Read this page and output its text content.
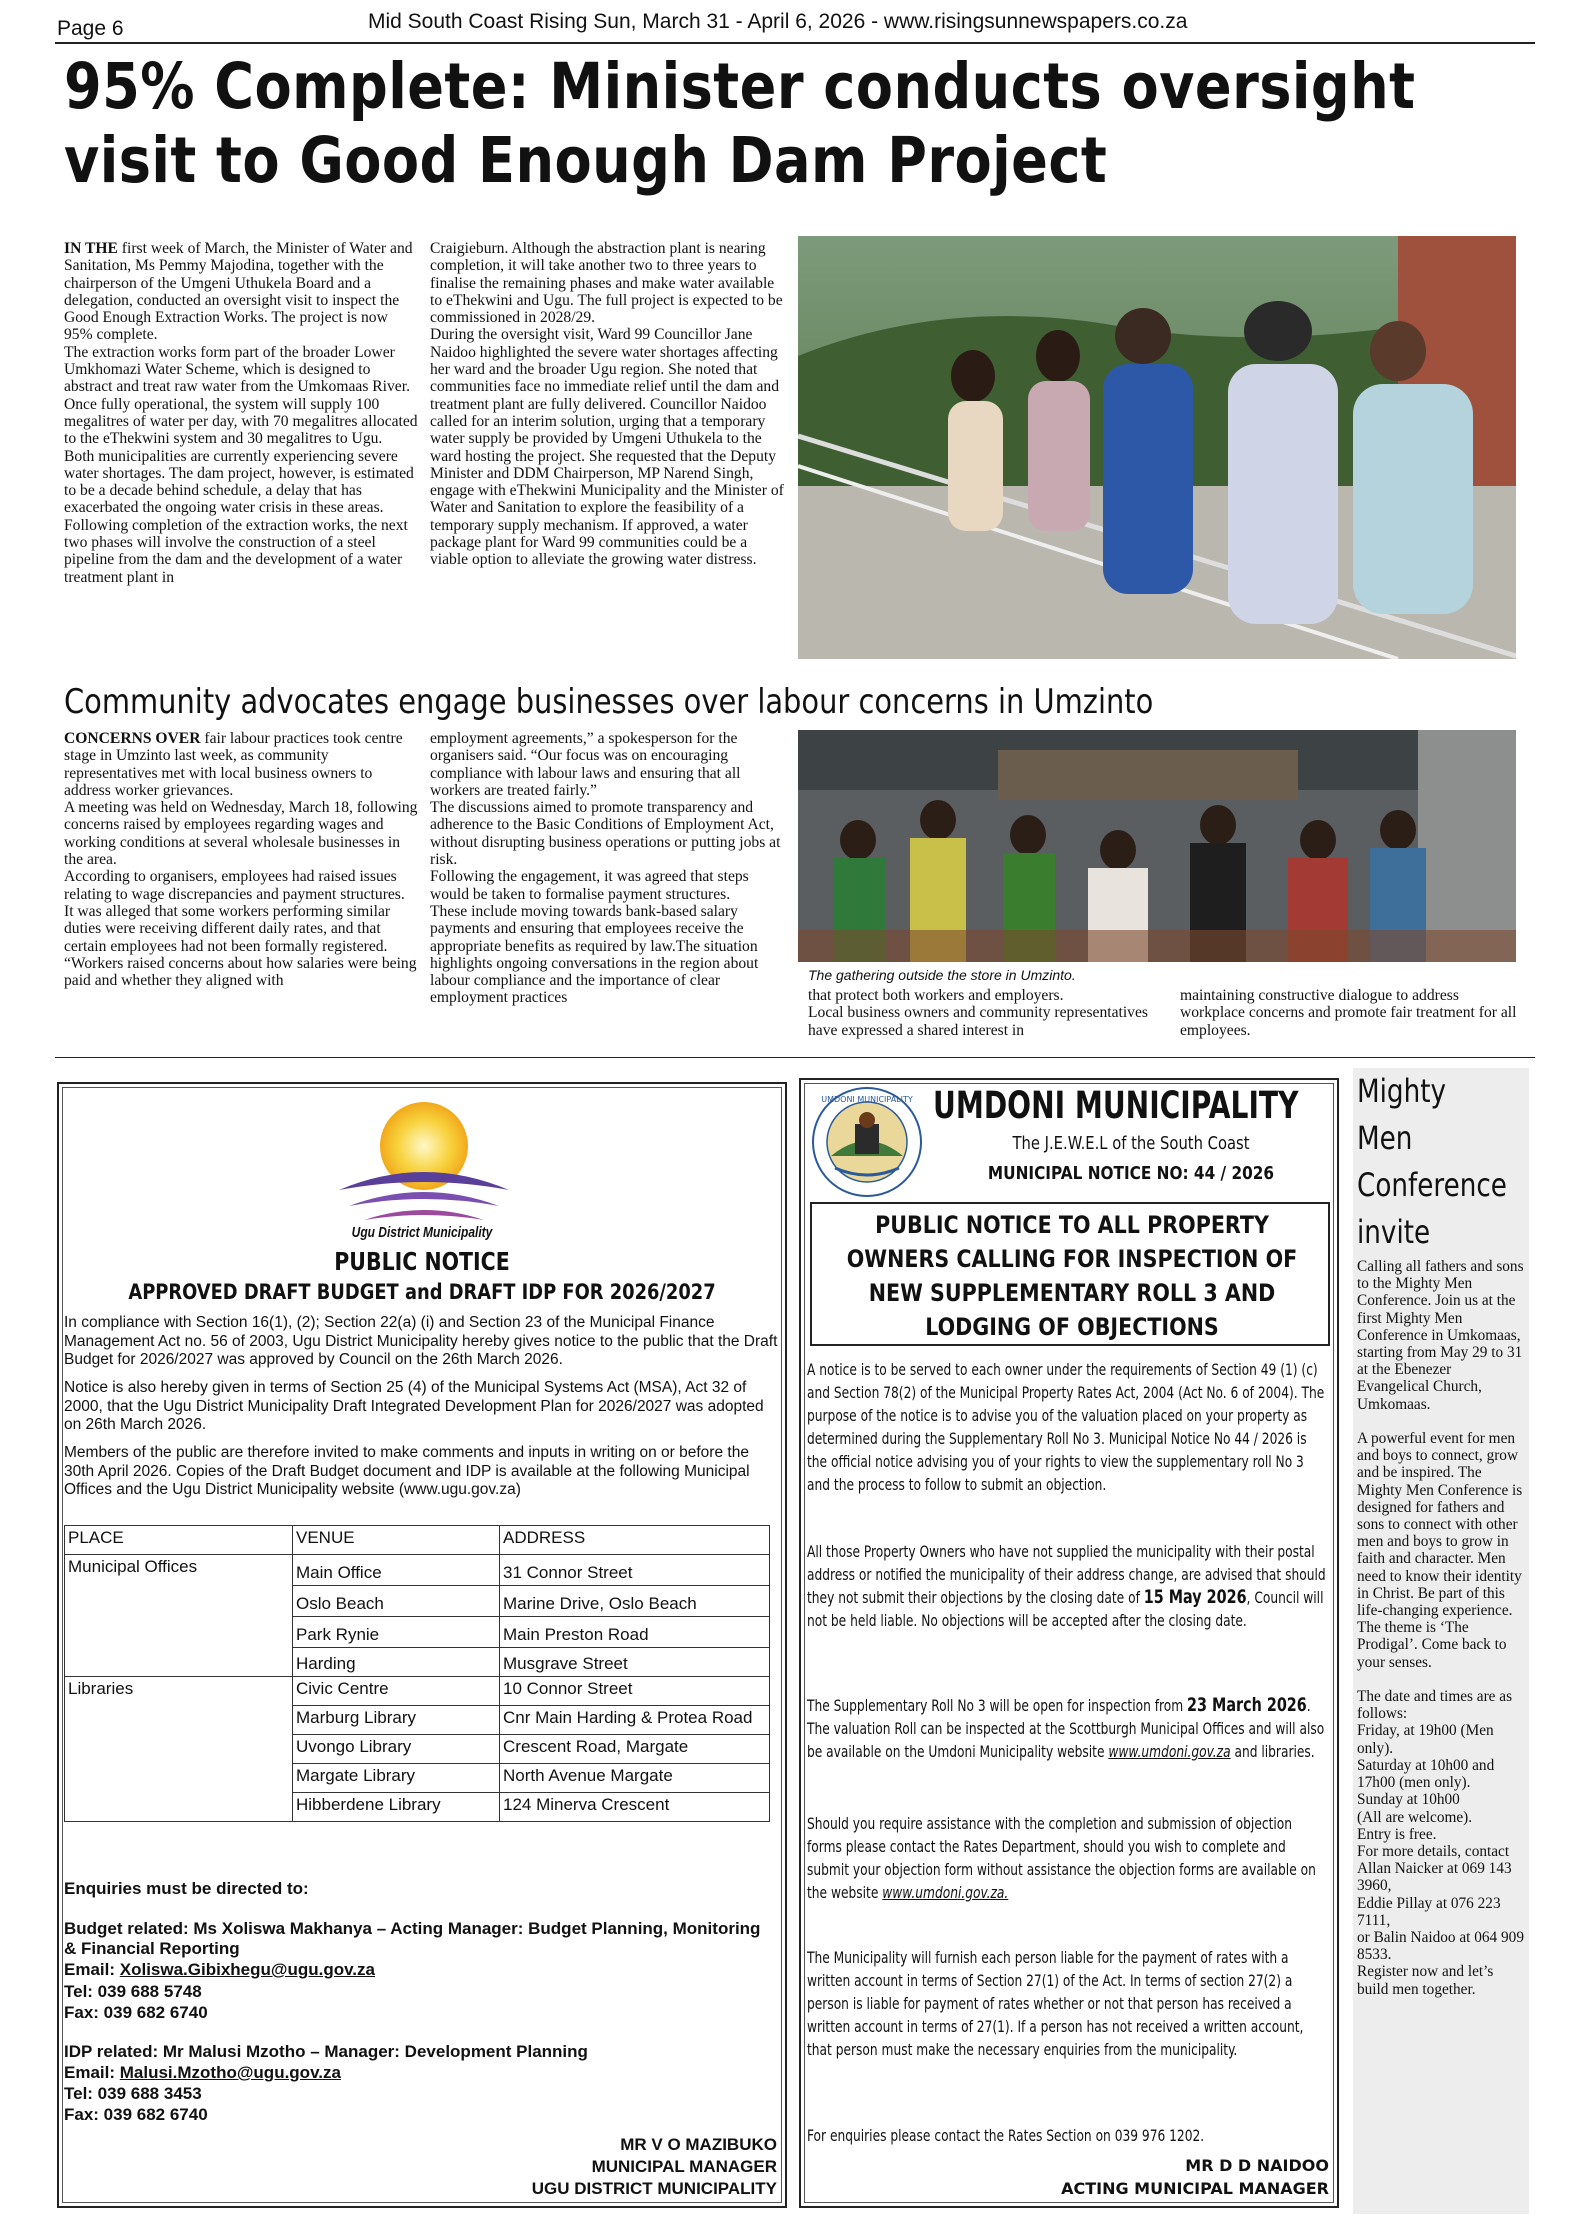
Page 6	Mid South Coast Rising Sun, March 31 - April 6, 2026 - www.risingsunnewspapers.co.za
95% Complete: Minister conducts oversight
visit to Good Enough Dam Project
IN THE first week of March, the Minister of Water and Sanitation, Ms Pemmy Majodina, together with the chairperson of the Umgeni Uthukela Board and a delegation, conducted an oversight visit to inspect the Good Enough Extraction Works. The project is now 95% complete.
The extraction works form part of the broader Lower Umkhomazi Water Scheme, which is designed to abstract and treat raw water from the Umkomaas River. Once fully operational, the system will supply 100 megalitres of water per day, with 70 megalitres allocated to the eThekwini system and 30 megalitres to Ugu.
Both municipalities are currently experiencing severe water shortages. The dam project, however, is estimated to be a decade behind schedule, a delay that has exacerbated the ongoing water crisis in these areas.
Following completion of the extraction works, the next two phases will involve the construction of a steel pipeline from the dam and the development of a water treatment plant in
Craigieburn. Although the abstraction plant is nearing completion, it will take another two to three years to finalise the remaining phases and make water available to eThekwini and Ugu. The full project is expected to be commissioned in 2028/29.
During the oversight visit, Ward 99 Councillor Jane Naidoo highlighted the severe water shortages affecting her ward and the broader Ugu region. She noted that communities face no immediate relief until the dam and treatment plant are fully delivered. Councillor Naidoo called for an interim solution, urging that a temporary water supply be provided by Umgeni Uthukela to the ward hosting the project. She requested that the Deputy Minister and DDM Chairperson, MP Narend Singh, engage with eThekwini Municipality and the Minister of Water and Sanitation to explore the feasibility of a temporary supply mechanism. If approved, a water package plant for Ward 99 communities could be a viable option to alleviate the growing water distress.
Community advocates engage businesses over labour concerns in Umzinto
CONCERNS OVER fair labour practices took centre stage in Umzinto last week, as community representatives met with local business owners to address worker grievances.
A meeting was held on Wednesday, March 18, following concerns raised by employees regarding wages and working conditions at several wholesale businesses in the area.
According to organisers, employees had raised issues relating to wage discrepancies and payment structures.
It was alleged that some workers performing similar duties were receiving different daily rates, and that certain employees had not been formally registered.
“Workers raised concerns about how salaries were being paid and whether they aligned with
employment agreements,” a spokesperson for the organisers said. “Our focus was on encouraging compliance with labour laws and ensuring that all workers are treated fairly.”
The discussions aimed to promote transparency and adherence to the Basic Conditions of Employment Act, without disrupting business operations or putting jobs at risk.
Following the engagement, it was agreed that steps would be taken to formalise payment structures.
These include moving towards bank-based salary payments and ensuring that employees receive the appropriate benefits as required by law.The situation highlights ongoing conversations in the region about labour compliance and the importance of clear employment practices
The gathering outside the store in Umzinto.
that protect both workers and employers.
Local business owners and community representatives have expressed a shared interest in
maintaining constructive dialogue to address workplace concerns and promote fair treatment for all employees.
Ugu District Municipality
PUBLIC NOTICE
APPROVED DRAFT BUDGET and DRAFT IDP FOR 2026/2027
In compliance with Section 16(1), (2); Section 22(a) (i) and Section 23 of the Municipal Finance Management Act no. 56 of 2003, Ugu District Municipality hereby gives notice to the public that the Draft Budget for 2026/2027 was approved by Council on the 26th March 2026.
Notice is also hereby given in terms of Section 25 (4) of the Municipal Systems Act (MSA), Act 32 of 2000, that the Ugu District Municipality Draft Integrated Development Plan for 2026/2027 was adopted on 26th March 2026.
Members of the public are therefore invited to make comments and inputs in writing on or before the 30th April 2026. Copies of the Draft Budget document and IDP is available at the following Municipal Offices and the Ugu District Municipality website (www.ugu.gov.za)
PLACE	VENUE	ADDRESS
Municipal Offices	Main Office	31 Connor Street
	Oslo Beach	Marine Drive, Oslo Beach
	Park Rynie	Main Preston Road
	Harding	Musgrave Street
Libraries	Civic Centre	10 Connor Street
	Marburg Library	Cnr Main Harding & Protea Road
	Uvongo Library	Crescent Road, Margate
	Margate Library	North Avenue Margate
	Hibberdene Library	124 Minerva Crescent
Enquiries must be directed to:
Budget related: Ms Xoliswa Makhanya – Acting Manager: Budget Planning, Monitoring & Financial Reporting
Email: Xoliswa.Gibixhegu@ugu.gov.za
Tel: 039 688 5748
Fax: 039 682 6740
IDP related: Mr Malusi Mzotho – Manager: Development Planning
Email: Malusi.Mzotho@ugu.gov.za
Tel: 039 688 3453
Fax: 039 682 6740
MR V O MAZIBUKO
MUNICIPAL MANAGER
UGU DISTRICT MUNICIPALITY
UMDONI MUNICIPALITY UMDONI MUNICIPALITY
The J.E.W.E.L of the South Coast
MUNICIPAL NOTICE NO: 44 / 2026
PUBLIC NOTICE TO ALL PROPERTY OWNERS CALLING FOR INSPECTION OF NEW SUPPLEMENTARY ROLL 3 AND LODGING OF OBJECTIONS
A notice is to be served to each owner under the requirements of Section 49 (1) (c) and Section 78(2) of the Municipal Property Rates Act, 2004 (Act No. 6 of 2004). The purpose of the notice is to advise you of the valuation placed on your property as determined during the Supplementary Roll No 3. Municipal Notice No 44 / 2026 is the official notice advising you of your rights to view the supplementary roll No 3 and the process to follow to submit an objection.
All those Property Owners who have not supplied the municipality with their postal address or notified the municipality of their address change, are advised that should they not submit their objections by the closing date of 15 May 2026, Council will not be held liable. No objections will be accepted after the closing date.
The Supplementary Roll No 3 will be open for inspection from 23 March 2026. The valuation Roll can be inspected at the Scottburgh Municipal Offices and will also be available on the Umdoni Municipality website www.umdoni.gov.za and libraries.
Should you require assistance with the completion and submission of objection forms please contact the Rates Department, should you wish to complete and submit your objection form without assistance the objection forms are available on the website www.umdoni.gov.za.
The Municipality will furnish each person liable for the payment of rates with a written account in terms of Section 27(1) of the Act. In terms of section 27(2) a person is liable for payment of rates whether or not that person has received a written account in terms of 27(1). If a person has not received a written account, that person must make the necessary enquiries from the municipality.
For enquiries please contact the Rates Section on 039 976 1202.
MR D D NAIDOO
ACTING MUNICIPAL MANAGER
Mighty
Men
Conference
invite
Calling all fathers and sons to the Mighty Men Conference. Join us at the first Mighty Men Conference in Umkomaas, starting from May 29 to 31 at the Ebenezer Evangelical Church, Umkomaas.

A powerful event for men and boys to connect, grow and be inspired. The Mighty Men Conference is designed for fathers and sons to connect with other men and boys to grow in faith and character. Men need to know their identity in Christ. Be part of this life-changing experience. The theme is ‘The Prodigal’. Come back to your senses.

The date and times are as follows:
Friday, at 19h00 (Men only).
Saturday at 10h00 and 17h00 (men only).
Sunday at 10h00
(All are welcome).
Entry is free.
For more details, contact
Allan Naicker at 069 143 3960,
Eddie Pillay at 076 223 7111,
or Balin Naidoo at 064 909 8533.
Register now and let’s build men together.
